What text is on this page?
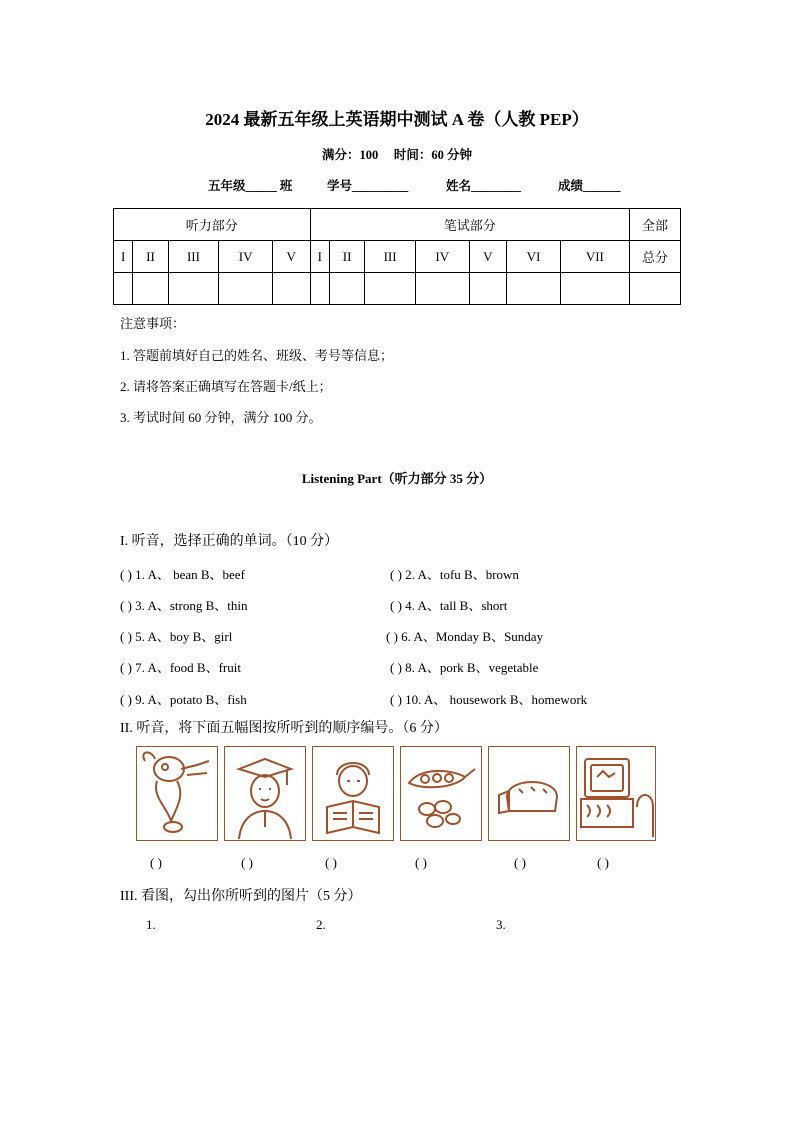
2024 最新五年级上英语期中测试 A 卷（人教 PEP）
满分：100     时间：60 分钟
五年级_____ 班	学号_________	姓名________	成绩______
听力部分					笔试部分							全部
I	II	III	IV	V	I	II	III	IV	V	VI	VII	总分

注意事项：
1. 答题前填好自己的姓名、班级、考号等信息；
2. 请将答案正确填写在答题卡/纸上；
3. 考试时间 60 分钟，满分 100 分。
Listening Part（听力部分 35 分）
I. 听音，选择正确的单词。（10 分）
( ) 1. A、 bean B、beef	( ) 2. A、tofu B、brown
( ) 3. A、strong B、thin	( ) 4. A、tall B、short
( ) 5. A、boy B、girl	( ) 6. A、Monday B、Sunday
( ) 7. A、food B、fruit	( ) 8. A、pork B、vegetable
( ) 9. A、potato B、fish	( ) 10. A、 housework B、homework
II. 听音，将下面五幅图按所听到的顺序编号。（6 分）
( )	( )	( )	( )	( )	( )
III. 看图，勾出你所听到的图片（5 分）
1.	2.	3.
